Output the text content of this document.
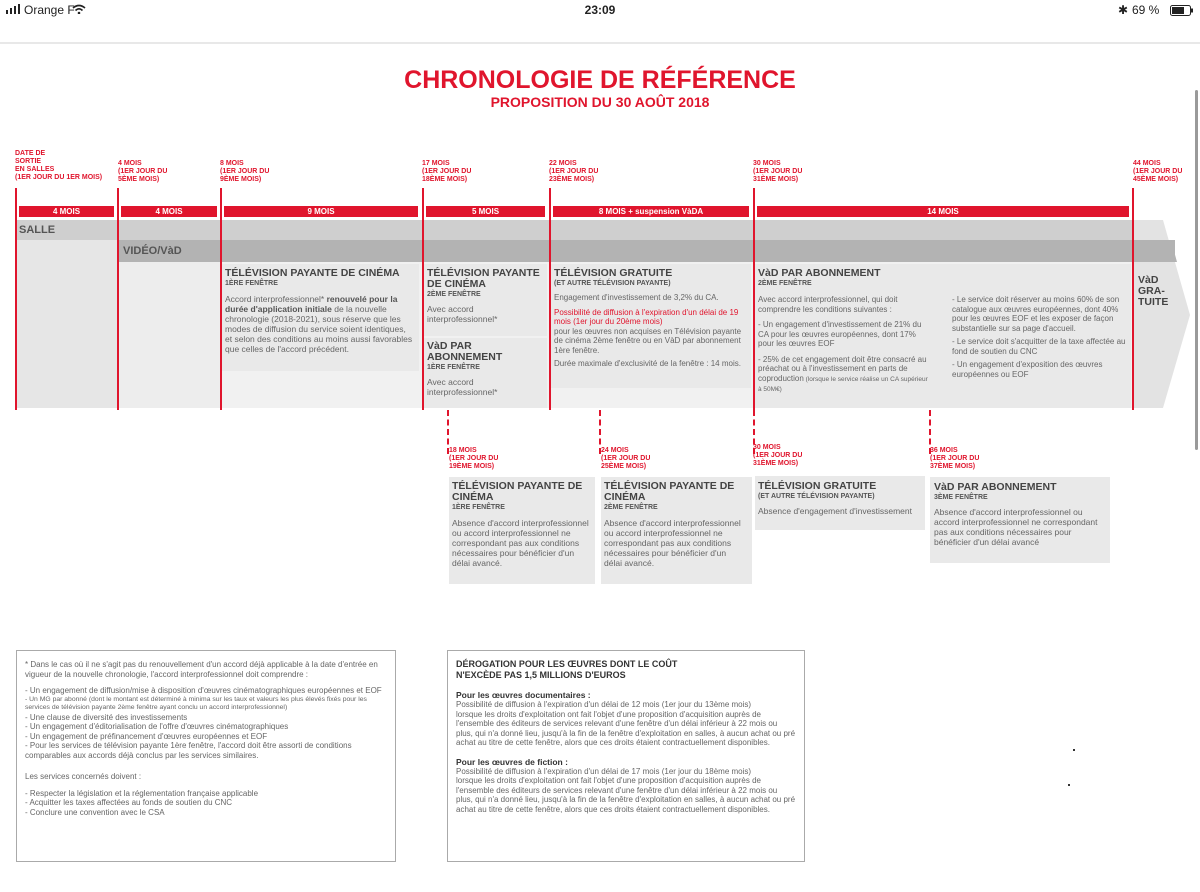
Orange F	23:09	✱ 69 %
CHRONOLOGIE DE RÉFÉRENCE
PROPOSITION DU 30 AOÛT 2018
DATE DE
SORTIE
EN SALLES
(1ER JOUR DU 1ER MOIS)
4 MOIS
(1ER JOUR DU
5ÈME MOIS)
8 MOIS
(1ER JOUR DU
9ÈME MOIS)
17 MOIS
(1ER JOUR DU
18ÈME MOIS)
22 MOIS
(1ER JOUR DU
23ÈME MOIS)
30 MOIS
(1ER JOUR DU
31ÈME MOIS)
44 MOIS
(1ER JOUR DU
45ÈME MOIS)
SALLE
VIDÉO/VàD
4 MOIS	4 MOIS	9 MOIS	5 MOIS	8 MOIS + suspension VàDA	14 MOIS
TÉLÉVISION PAYANTE DE CINÉMA
1ÈRE FENÊTRE
Accord interprofessionnel* renouvelé pour la durée d'application initiale de la nouvelle chronologie (2018-2021), sous réserve que les modes de diffusion du service soient identiques, et selon des conditions au moins aussi favorables que celles de l'accord précédent.
TÉLÉVISION PAYANTE DE CINÉMA
2ÈME FENÊTRE
Avec accord interprofessionnel*
VàD PAR ABONNEMENT
1ÈRE FENÊTRE
Avec accord interprofessionnel*
TÉLÉVISION GRATUITE
(ET AUTRE TÉLÉVISION PAYANTE)
Engagement d'investissement de 3,2% du CA.
Possibilité de diffusion à l'expiration d'un délai de 19 mois (1er jour du 20ème mois)
pour les œuvres non acquises en Télévision payante de cinéma 2ème fenêtre ou en VàD par abonnement 1ère fenêtre.
Durée maximale d'exclusivité de la fenêtre : 14 mois.
VàD PAR ABONNEMENT
2ÈME FENÊTRE
Avec accord interprofessionnel, qui doit comprendre les conditions suivantes :
- Un engagement d'investissement de 21% du CA pour les œuvres européennes, dont 17% pour les œuvres EOF
- 25% de cet engagement doit être consacré au préachat ou à l'investissement en parts de coproduction (lorsque le service réalise un CA supérieur à 50M€)
- Le service doit réserver au moins 60% de son catalogue aux œuvres européennes, dont 40% pour les œuvres EOF et les exposer de façon substantielle sur sa page d'accueil.
- Le service doit s'acquitter de la taxe affectée au fond de soutien du CNC
- Un engagement d'exposition des œuvres européennes ou EOF
VàD GRA-TUITE
18 MOIS
(1ER JOUR DU
19ÈME MOIS)
TÉLÉVISION PAYANTE DE CINÉMA
1ÈRE FENÊTRE
Absence d'accord interprofessionnel ou accord interprofessionnel ne correspondant pas aux conditions nécessaires pour bénéficier d'un délai avancé.
24 MOIS
(1ER JOUR DU
25ÈME MOIS)
TÉLÉVISION PAYANTE DE CINÉMA
2ÈME FENÊTRE
Absence d'accord interprofessionnel ou accord interprofessionnel ne correspondant pas aux conditions nécessaires pour bénéficier d'un délai avancé.
30 MOIS
(1ER JOUR DU
31ÈME MOIS)
TÉLÉVISION GRATUITE
(ET AUTRE TÉLÉVISION PAYANTE)
Absence d'engagement d'investissement
36 MOIS
(1ER JOUR DU
37ÈME MOIS)
VàD PAR ABONNEMENT
3ÈME FENÊTRE
Absence d'accord interprofessionnel ou accord interprofessionnel ne correspondant pas aux conditions nécessaires pour bénéficier d'un délai avancé
* Dans le cas où il ne s'agit pas du renouvellement d'un accord déjà applicable à la date d'entrée en vigueur de la nouvelle chronologie, l'accord interprofessionnel doit comprendre :
- Un engagement de diffusion/mise à disposition d'œuvres cinématographiques européennes et EOF
- Un MG par abonné (dont le montant est déterminé à minima sur les taux et valeurs les plus élevés fixés pour les services de télévision payante 2ème fenêtre ayant conclu un accord interprofessionnel)
- Une clause de diversité des investissements
- Un engagement d'éditorialisation de l'offre d'œuvres cinématographiques
- Un engagement de préfinancement d'œuvres européennes et EOF
- Pour les services de télévision payante 1ère fenêtre, l'accord doit être assorti de conditions comparables aux accords déjà conclus par les services similaires.
Les services concernés doivent :
- Respecter la législation et la réglementation française applicable
- Acquitter les taxes affectées au fonds de soutien du CNC
- Conclure une convention avec le CSA
DÉROGATION POUR LES ŒUVRES DONT LE COÛT N'EXCÈDE PAS 1,5 MILLIONS D'EUROS
Pour les œuvres documentaires :
Possibilité de diffusion à l'expiration d'un délai de 12 mois (1er jour du 13ème mois)
lorsque les droits d'exploitation ont fait l'objet d'une proposition d'acquisition auprès de l'ensemble des éditeurs de services relevant d'une fenêtre d'un délai inférieur à 22 mois ou plus, qui n'a donné lieu, jusqu'à la fin de la fenêtre d'exploitation en salles, à aucun achat ou pré achat au titre de cette fenêtre, alors que ces droits étaient contractuellement disponibles.
Pour les œuvres de fiction :
Possibilité de diffusion à l'expiration d'un délai de 17 mois (1er jour du 18ème mois)
lorsque les droits d'exploitation ont fait l'objet d'une proposition d'acquisition auprès de l'ensemble des éditeurs de services relevant d'une fenêtre d'un délai inférieur à 22 mois ou plus, qui n'a donné lieu, jusqu'à la fin de la fenêtre d'exploitation en salles, à aucun achat ou pré achat au titre de cette fenêtre, alors que ces droits étaient contractuellement disponibles.
